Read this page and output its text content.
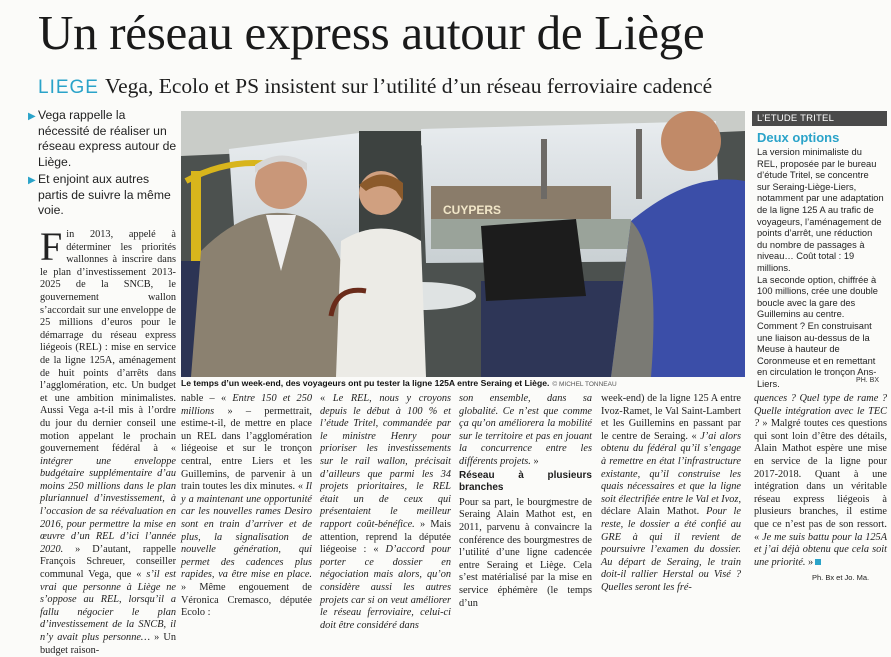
Un réseau express autour de Liège
LIEGE Vega, Ecolo et PS insistent sur l’utilité d’un réseau ferroviaire cadencé
▶ Vega rappelle la nécessité de réaliser un réseau express autour de Liège.
▶ Et enjoint aux autres partis de suivre la même voie.	CUYPERS
Le temps d’un week-end, des voyageurs ont pu tester la ligne 125A entre Seraing et Liège. © MICHEL TONNEAU
L’ETUDE TRITEL
Deux options

La version minimaliste du REL, proposée par le bureau d’étude Tritel, se concentre sur Seraing-Liège-Liers, notamment par une adaptation de la ligne 125 A au trafic de voyageurs, l’aménagement de points d’arrêt, une réduction du nombre de passages à niveau… Coût total : 19 millions.

La seconde option, chiffrée à 100 millions, crée une double boucle avec la gare des Guillemins au centre.

Comment ? En construisant une liaison au-dessus de la Meuse à hauteur de Coronmeuse et en remettant en circulation le tronçon Ans-Liers.	PH. BX
F in 2013, appelé à déterminer les priorités wallonnes à inscrire dans le plan d’investissement 2013-2025 de la SNCB, le gouvernement wallon s’accordait sur une enveloppe de 25 millions d’euros pour le démarrage du réseau express liégeois (REL) : mise en service de la ligne 125A, aménagement de huit points d’arrêts dans l’agglomération, etc. Un budget et une ambition minimalistes. Aussi Vega a-t-il mis à l’ordre du jour du dernier conseil une motion appelant le prochain gouvernement fédéral à « intégrer une enveloppe budgétaire supplémentaire d’au moins 250 millions dans le plan pluriannuel d’investissement, à l’occasion de sa réévaluation en 2016, pour permettre la mise en œuvre d’un REL d’ici l’année 2020. » D’autant, rappelle François Schreuer, conseiller communal Vega, que « s’il est vrai que personne à Liège ne s’oppose au REL, lorsqu’il a fallu négocier le plan d’investissement de la SNCB, il n’y avait plus personne… » Un budget raison-
nable – « Entre 150 et 250 millions » – permettrait, estime-t-il, de mettre en place un REL dans l’agglomération liégeoise et sur le tronçon central, entre Liers et les Guillemins, de parvenir à un train toutes les dix minutes. « Il y a maintenant une opportunité car les nouvelles rames Desiro sont en train d’arriver et de plus, la signalisation de nouvelle génération, qui permet des cadences plus rapides, va être mise en place. » Même engouement de Véronica Cremasco, députée Ecolo :
« Le REL, nous y croyons depuis le début à 100 % et l’étude Tritel, commandée par le ministre Henry pour prioriser les investissements sur le rail wallon, précisait d’ailleurs que parmi les 34 projets prioritaires, le REL était un de ceux qui présentaient le meilleur rapport coût-bénéfice. » Mais attention, reprend la députée liégeoise : « D’accord pour porter ce dossier en négociation mais alors, qu’on considère aussi les autres projets car si on veut améliorer le réseau ferroviaire, celui-ci doit être considéré dans
son ensemble, dans sa globalité. Ce n’est que comme ça qu’on améliorera la mobilité sur le territoire et pas en jouant la concurrence entre les différents projets. »
Réseau à plusieurs branches
Pour sa part, le bourgmestre de Seraing Alain Mathot est, en 2011, parvenu à convaincre la conférence des bourgmestres de l’utilité d’une ligne cadencée entre Seraing et Liège. Cela s’est matérialisé par la mise en service éphémère (le temps d’un
week-end) de la ligne 125 A entre Ivoz-Ramet, le Val Saint-Lambert et les Guillemins en passant par le centre de Seraing. « J’ai alors obtenu du fédéral qu’il s’engage à remettre en état l’infrastructure existante, qu’il construise les quais nécessaires et que la ligne soit électrifiée entre le Val et Ivoz, déclare Alain Mathot. Pour le reste, le dossier a été confié au GRE à qui il revient de poursuivre l’examen du dossier. Au départ de Seraing, le train doit-il rallier Herstal ou Visé ? Quelles seront les fré-
quences ? Quel type de rame ? Quelle intégration avec le TEC ? » Malgré toutes ces questions qui sont loin d’être des détails, Alain Mathot espère une mise en service de la ligne pour 2017-2018. Quant à une intégration dans un véritable réseau express liégeois à plusieurs branches, il estime que ce n’est pas de son ressort. « Je me suis battu pour la 125A et j’ai déjà obtenu que cela soit une priorité. »
Ph. Bx et Jo. Ma.
